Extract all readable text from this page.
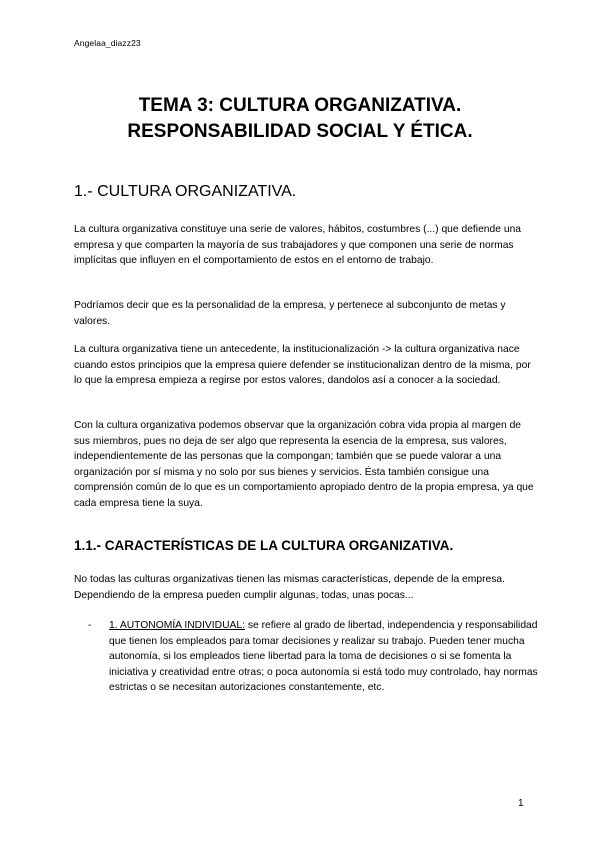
Angelaa_diazz23
TEMA 3: CULTURA ORGANIZATIVA.
RESPONSABILIDAD SOCIAL Y ÉTICA.
1.- CULTURA ORGANIZATIVA.

La cultura organizativa constituye una serie de valores, hábitos, costumbres (...) que defiende una empresa y que comparten la mayoría de sus trabajadores y que componen una serie de normas implícitas que influyen en el comportamiento de estos en el entorno de trabajo.

Podríamos decir que es la personalidad de la empresa, y pertenece al subconjunto de metas y valores.

La cultura organizativa tiene un antecedente, la institucionalización -> la cultura organizativa nace cuando estos principios que la empresa quiere defender se institucionalizan dentro de la misma, por lo que la empresa empieza a regirse por estos valores, dandolos así a conocer a la sociedad.

Con la cultura organizativa podemos observar que la organización cobra vida propia al margen de sus miembros, pues no deja de ser algo que representa la esencia de la empresa, sus valores, independientemente de las personas que la compongan; también que se puede valorar a una organización por sí misma y no solo por sus bienes y servicios. Ésta también consigue una comprensión común de lo que es un comportamiento apropiado dentro de la propia empresa, ya que cada empresa tiene la suya.

1.1.- CARACTERÍSTICAS DE LA CULTURA ORGANIZATIVA.

No todas las culturas organizativas tienen las mismas características, depende de la empresa. Dependiendo de la empresa pueden cumplir algunas, todas, unas pocas...

- 1. AUTONOMÍA INDIVIDUAL: se refiere al grado de libertad, independencia y responsabilidad que tienen los empleados para tomar decisiones y realizar su trabajo. Pueden tener mucha autonomía, si los empleados tiene libertad para la toma de decisiones o si se fomenta la iniciativa y creatividad entre otras; o poca autonomía si está todo muy controlado, hay normas estrictas o se necesitan autorizaciones constantemente, etc.
1
